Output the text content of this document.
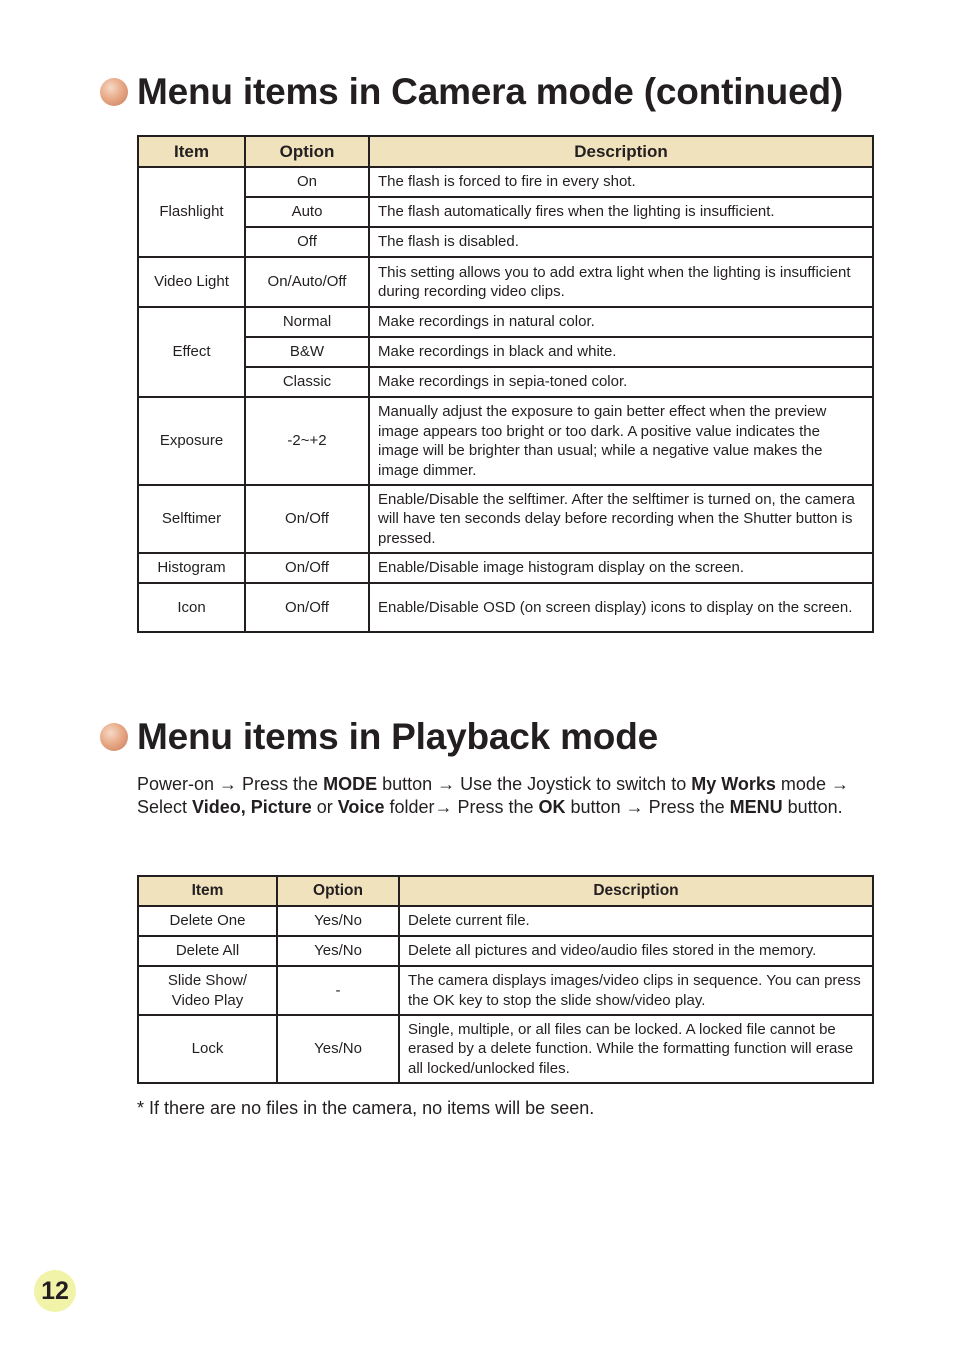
Menu items in Camera mode (continued)
Item	Option	Description
Flashlight	On	The flash is forced to fire in every shot.
	Auto	The flash automatically fires when the lighting is insufficient.
	Off	The flash is disabled.
Video Light	On/Auto/Off	This setting allows you to add extra light when the lighting is insufficient during recording video clips.
Effect	Normal	Make recordings in natural color.
	B&W	Make recordings in black and white.
	Classic	Make recordings in sepia-toned color.
Exposure	-2~+2	Manually adjust the exposure to gain better effect when the preview image appears too bright or too dark. A positive value indicates the image will be brighter than usual; while a negative value makes the image dimmer.
Selftimer	On/Off	Enable/Disable the selftimer. After the selftimer is turned on, the camera will have ten seconds delay before recording when the Shutter button is pressed.
Histogram	On/Off	Enable/Disable image histogram display on the screen.
Icon	On/Off	Enable/Disable OSD (on screen display) icons to display on the screen.
Menu items in Playback mode
Power-on → Press the MODE button → Use the Joystick to switch to My Works mode → Select Video, Picture or Voice folder→ Press the OK button → Press the MENU button.
Item	Option	Description
Delete One	Yes/No	Delete current file.
Delete All	Yes/No	Delete all pictures and video/audio files stored in the memory.
Slide Show/
Video Play	-	The camera displays images/video clips in sequence. You can press the OK key to stop the slide show/video play.
Lock	Yes/No	Single, multiple, or all files can be locked. A locked file cannot be erased by a delete function. While the formatting function will erase all locked/unlocked files.
* If there are no files in the camera, no items will be seen.
12
